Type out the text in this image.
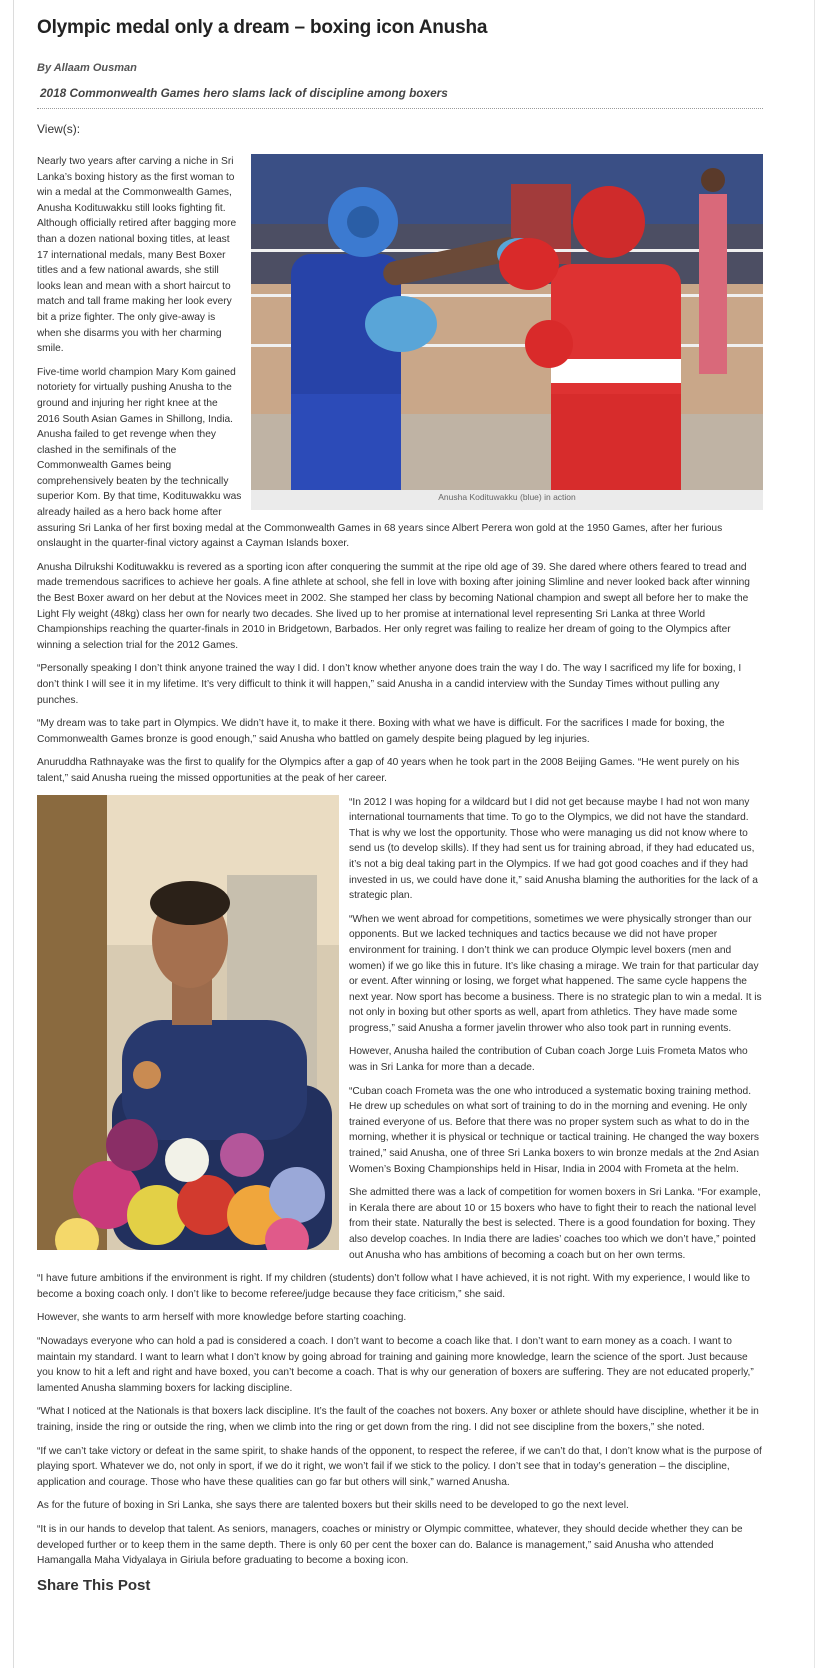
Olympic medal only a dream – boxing icon Anusha
By Allaam Ousman
2018 Commonwealth Games hero slams lack of discipline among boxers
View(s):
Anusha Kodituwakku (blue) in action

Nearly two years after carving a niche in Sri Lanka’s boxing history as the first woman to win a medal at the Commonwealth Games, Anusha Kodituwakku still looks fighting fit. Although officially retired after bagging more than a dozen national boxing titles, at least 17 international medals, many Best Boxer titles and a few national awards, she still looks lean and mean with a short haircut to match and tall frame making her look every bit a prize fighter. The only give-away is when she disarms you with her charming smile.

Five-time world champion Mary Kom gained notoriety for virtually pushing Anusha to the ground and injuring her right knee at the 2016 South Asian Games in Shillong, India. Anusha failed to get revenge when they clashed in the semifinals of the Commonwealth Games being comprehensively beaten by the technically superior Kom. By that time, Kodituwakku was already hailed as a hero back home after assuring Sri Lanka of her first boxing medal at the Commonwealth Games in 68 years since Albert Perera won gold at the 1950 Games, after her furious onslaught in the quarter-final victory against a Cayman Islands boxer.

Anusha Dilrukshi Kodituwakku is revered as a sporting icon after conquering the summit at the ripe old age of 39. She dared where others feared to tread and made tremendous sacrifices to achieve her goals. A fine athlete at school, she fell in love with boxing after joining Slimline and never looked back after winning the Best Boxer award on her debut at the Novices meet in 2002. She stamped her class by becoming National champion and swept all before her to make the Light Fly weight (48kg) class her own for nearly two decades. She lived up to her promise at international level representing Sri Lanka at three World Championships reaching the quarter-finals in 2010 in Bridgetown, Barbados. Her only regret was failing to realize her dream of going to the Olympics after winning a selection trial for the 2012 Games.

“Personally speaking I don’t think anyone trained the way I did. I don’t know whether anyone does train the way I do. The way I sacrificed my life for boxing, I don’t think I will see it in my lifetime. It’s very difficult to think it will happen,” said Anusha in a candid interview with the Sunday Times without pulling any punches.

“My dream was to take part in Olympics. We didn’t have it, to make it there. Boxing with what we have is difficult. For the sacrifices I made for boxing, the Commonwealth Games bronze is good enough,” said Anusha who battled on gamely despite being plagued by leg injuries.

Anuruddha Rathnayake was the first to qualify for the Olympics after a gap of 40 years when he took part in the 2008 Beijing Games. “He went purely on his talent,” said Anusha rueing the missed opportunities at the peak of her career.

“In 2012 I was hoping for a wildcard but I did not get because maybe I had not won many international tournaments that time. To go to the Olympics, we did not have the standard. That is why we lost the opportunity. Those who were managing us did not know where to send us (to develop skills). If they had sent us for training abroad, if they had educated us, it’s not a big deal taking part in the Olympics. If we had got good coaches and if they had invested in us, we could have done it,” said Anusha blaming the authorities for the lack of a strategic plan.

“When we went abroad for competitions, sometimes we were physically stronger than our opponents. But we lacked techniques and tactics because we did not have proper environment for training. I don’t think we can produce Olympic level boxers (men and women) if we go like this in future. It’s like chasing a mirage. We train for that particular day or event. After winning or losing, we forget what happened. The same cycle happens the next year. Now sport has become a business. There is no strategic plan to win a medal. It is not only in boxing but other sports as well, apart from athletics. They have made some progress,” said Anusha a former javelin thrower who also took part in running events.

However, Anusha hailed the contribution of Cuban coach Jorge Luis Frometa Matos who was in Sri Lanka for more than a decade.

“Cuban coach Frometa was the one who introduced a systematic boxing training method. He drew up schedules on what sort of training to do in the morning and evening. He only trained everyone of us. Before that there was no proper system such as what to do in the morning, whether it is physical or technique or tactical training. He changed the way boxers trained,” said Anusha, one of three Sri Lanka boxers to win bronze medals at the 2nd Asian Women’s Boxing Championships held in Hisar, India in 2004 with Frometa at the helm.

She admitted there was a lack of competition for women boxers in Sri Lanka. “For example, in Kerala there are about 10 or 15 boxers who have to fight their to reach the national level from their state. Naturally the best is selected. There is a good foundation for boxing. They also develop coaches. In India there are ladies’ coaches too which we don’t have,” pointed out Anusha who has ambitions of becoming a coach but on her own terms.

“I have future ambitions if the environment is right. If my children (students) don’t follow what I have achieved, it is not right. With my experience, I would like to become a boxing coach only. I don’t like to become referee/judge because they face criticism,” she said.

However, she wants to arm herself with more knowledge before starting coaching.

“Nowadays everyone who can hold a pad is considered a coach. I don’t want to become a coach like that. I don’t want to earn money as a coach. I want to maintain my standard. I want to learn what I don’t know by going abroad for training and gaining more knowledge, learn the science of the sport. Just because you know to hit a left and right and have boxed, you can’t become a coach. That is why our generation of boxers are suffering. They are not educated properly,” lamented Anusha slamming boxers for lacking discipline.

“What I noticed at the Nationals is that boxers lack discipline. It’s the fault of the coaches not boxers. Any boxer or athlete should have discipline, whether it be in training, inside the ring or outside the ring, when we climb into the ring or get down from the ring. I did not see discipline from the boxers,” she noted.

“If we can’t take victory or defeat in the same spirit, to shake hands of the opponent, to respect the referee, if we can’t do that, I don’t know what is the purpose of playing sport. Whatever we do, not only in sport, if we do it right, we won’t fail if we stick to the policy. I don’t see that in today’s generation – the discipline, application and courage. Those who have these qualities can go far but others will sink,” warned Anusha.

As for the future of boxing in Sri Lanka, she says there are talented boxers but their skills need to be developed to go the next level.

“It is in our hands to develop that talent. As seniors, managers, coaches or ministry or Olympic committee, whatever, they should decide whether they can be developed further or to keep them in the same depth. There is only 60 per cent the boxer can do. Balance is management,” said Anusha who attended Hamangalla Maha Vidyalaya in Giriula before graduating to become a boxing icon.

Share This Post
